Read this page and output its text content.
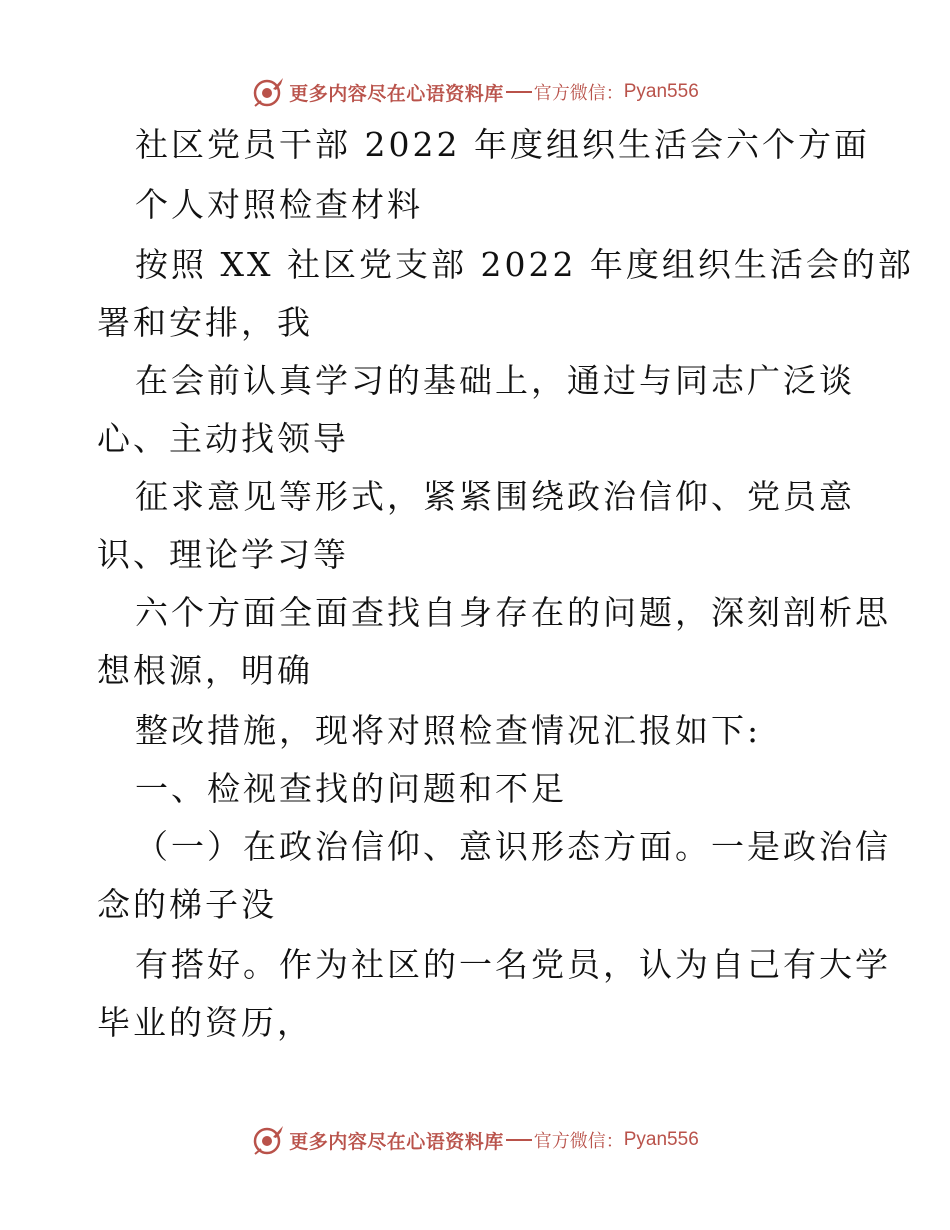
更多内容尽在心语资料库 官方微信： Pyan556
社区党员干部 2022 年度组织生活会六个方面
个人对照检查材料
按照 XX 社区党支部 2022 年度组织生活会的部
署和安排，我
在会前认真学习的基础上，通过与同志广泛谈
心、主动找领导
征求意见等形式，紧紧围绕政治信仰、党员意
识、理论学习等
六个方面全面查找自身存在的问题，深刻剖析思
想根源，明确
整改措施，现将对照检查情况汇报如下:
一、检视查找的问题和不足
（一）在政治信仰、意识形态方面。一是政治信
念的梯子没
有搭好。作为社区的一名党员，认为自己有大学
毕业的资历，
更多内容尽在心语资料库 官方微信： Pyan556
